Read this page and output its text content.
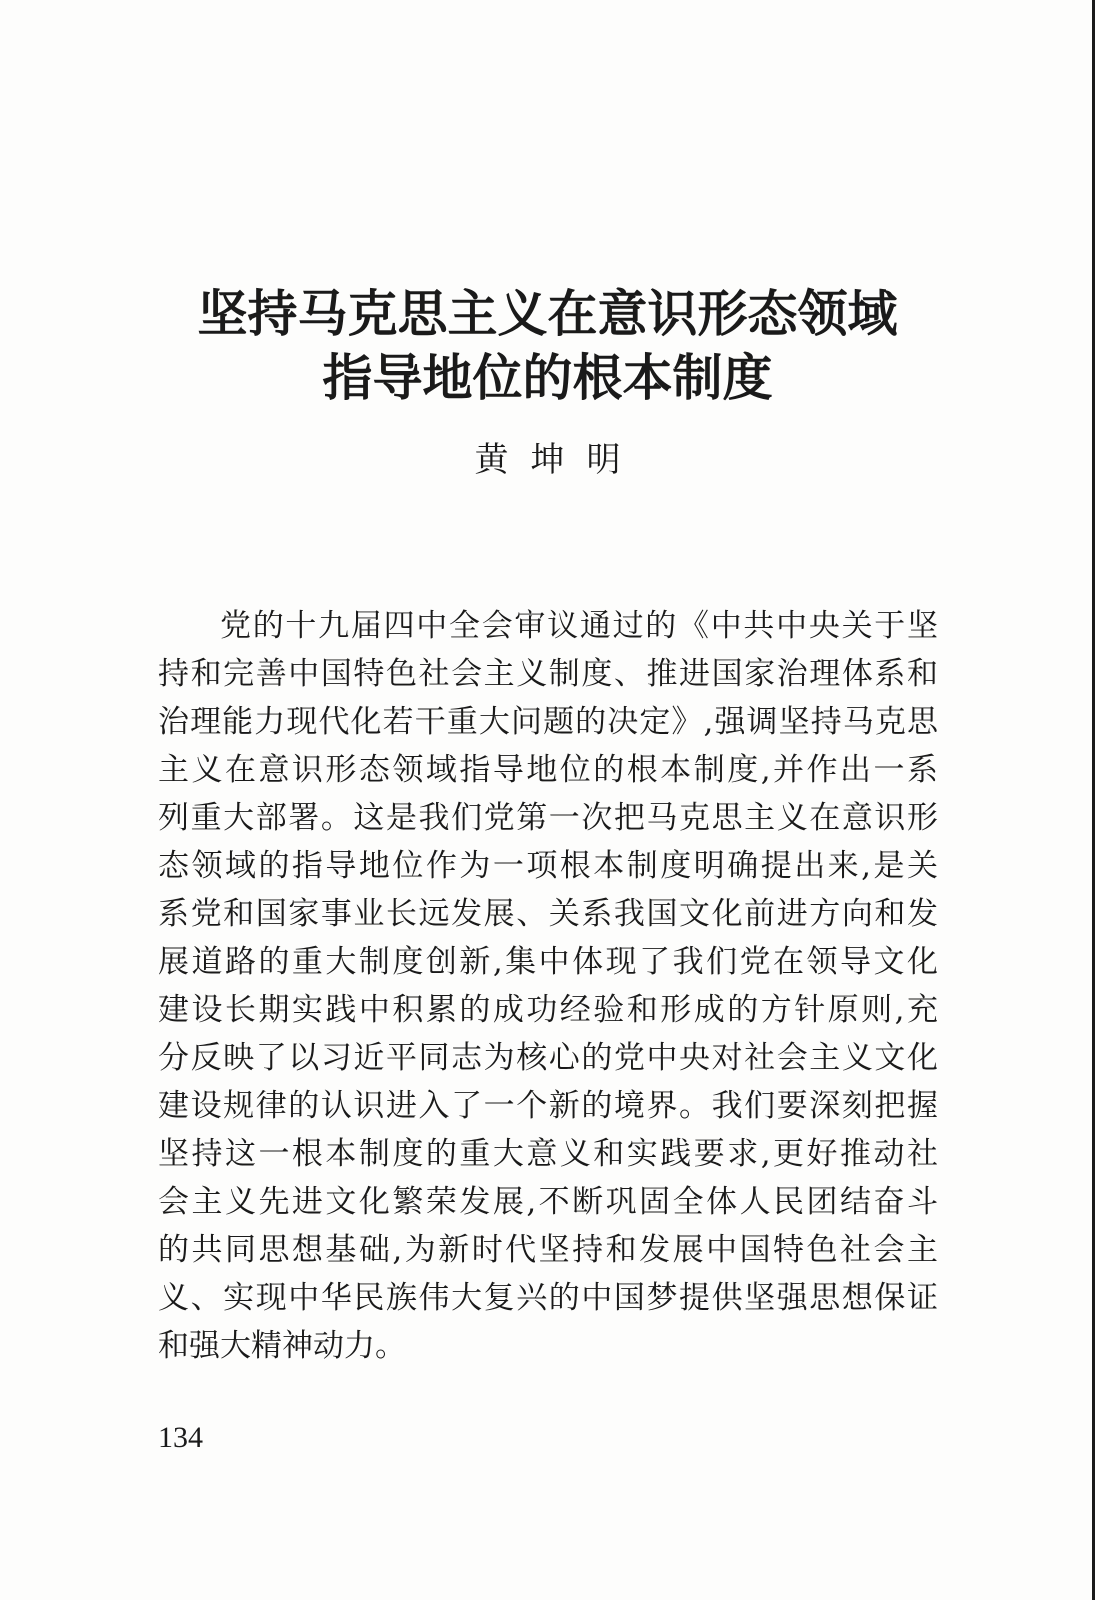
坚持马克思主义在意识形态领域
指导地位的根本制度
黄坤明
党的十九届四中全会审议通过的《中共中央关于坚
持和完善中国特色社会主义制度、推进国家治理体系和
治理能力现代化若干重大问题的决定》,强调坚持马克思
主义在意识形态领域指导地位的根本制度,并作出一系
列重大部署。这是我们党第一次把马克思主义在意识形
态领域的指导地位作为一项根本制度明确提出来,是关
系党和国家事业长远发展、关系我国文化前进方向和发
展道路的重大制度创新,集中体现了我们党在领导文化
建设长期实践中积累的成功经验和形成的方针原则,充
分反映了以习近平同志为核心的党中央对社会主义文化
建设规律的认识进入了一个新的境界。我们要深刻把握
坚持这一根本制度的重大意义和实践要求,更好推动社
会主义先进文化繁荣发展,不断巩固全体人民团结奋斗
的共同思想基础,为新时代坚持和发展中国特色社会主
义、实现中华民族伟大复兴的中国梦提供坚强思想保证
和强大精神动力。
134
